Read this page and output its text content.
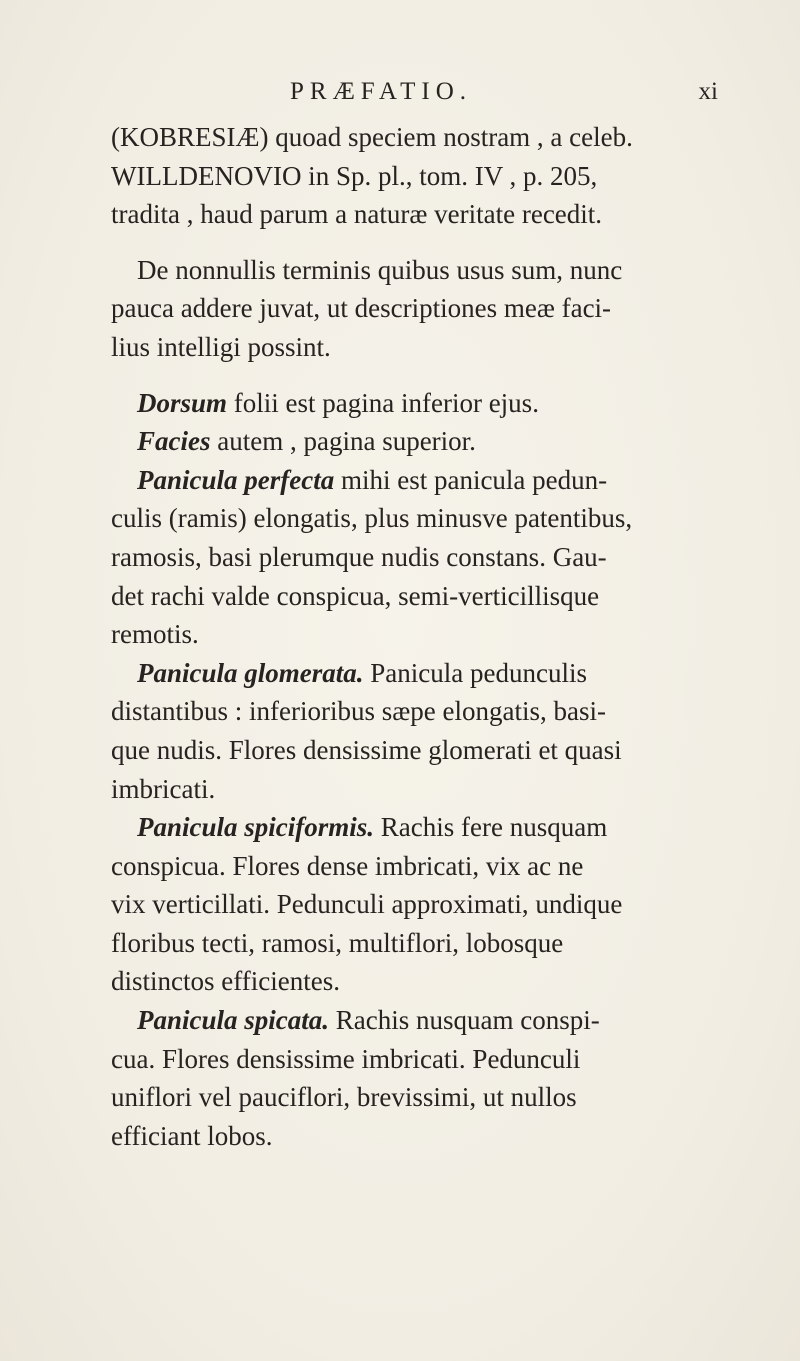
PRÆFATIO.	xi
(KOBRESIÆ) quoad speciem nostram , a celeb.
WILLDENOVIO in Sp. pl., tom. IV , p. 205,
tradita , haud parum a naturæ veritate recedit.
De nonnullis terminis quibus usus sum, nunc
pauca addere juvat, ut descriptiones meæ faci-
lius intelligi possint.
Dorsum folii est pagina inferior ejus.
Facies autem , pagina superior.
Panicula perfecta mihi est panicula pedun-
culis (ramis) elongatis, plus minusve patentibus,
ramosis, basi plerumque nudis constans. Gau-
det rachi valde conspicua, semi-verticillisque
remotis.
Panicula glomerata. Panicula pedunculis
distantibus : inferioribus sæpe elongatis, basi-
que nudis. Flores densissime glomerati et quasi
imbricati.
Panicula spiciformis. Rachis fere nusquam
conspicua. Flores dense imbricati, vix ac ne
vix verticillati. Pedunculi approximati, undique
floribus tecti, ramosi, multiflori, lobosque
distinctos efficientes.
Panicula spicata. Rachis nusquam conspi-
cua. Flores densissime imbricati. Pedunculi
uniflori vel pauciflori, brevissimi, ut nullos
efficiant lobos.
